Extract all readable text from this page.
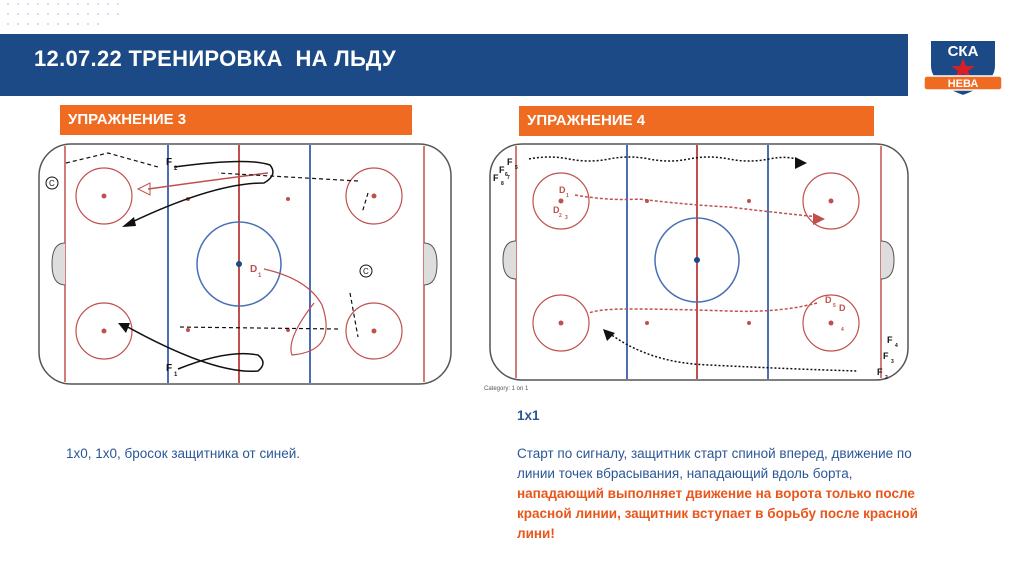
12.07.22 ТРЕНИРОВКА  НА ЛЬДУ	СКА
НЕВА
УПРАЖНЕНИЕ 3	УПРАЖНЕНИЕ 4
F
2
F
1
D
1
C
C
F
5
F 6
F
8
7
D
1
D
2 3
D
5 D
4
F
4
F
3
F
2
Category: 1 on 1
1х0, 1х0, бросок защитника от синей.
1х1
Старт по сигналу, защитник старт спиной вперед, движение по линии точек вбрасывания, нападающий вдоль борта, нападающий выполняет движение на ворота только после красной линии, защитник вступает в борьбу после красной лини!
